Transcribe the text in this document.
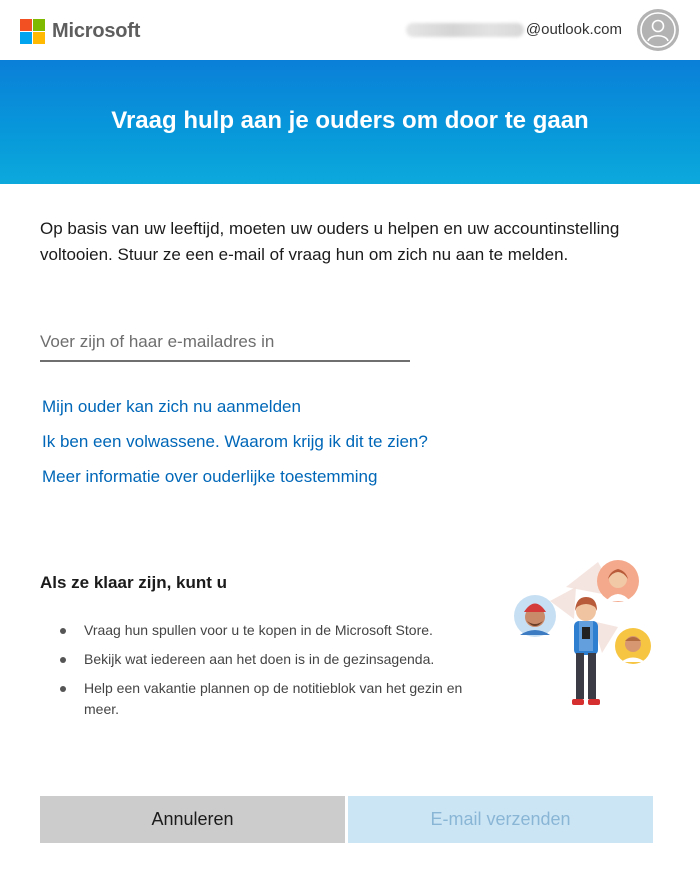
Microsoft	@outlook.com
Vraag hulp aan je ouders om door te gaan

Op basis van uw leeftijd, moeten uw ouders u helpen en uw accountinstelling voltooien. Stuur ze een e-mail of vraag hun om zich nu aan te melden.

Voer zijn of haar e-mailadres in
Mijn ouder kan zich nu aanmelden
Ik ben een volwassene. Waarom krijg ik dit te zien?
Meer informatie over ouderlijke toestemming
Als ze klaar zijn, kunt u
Vraag hun spullen voor u te kopen in de Microsoft Store.
Bekijk wat iedereen aan het doen is in de gezinsagenda.
Help een vakantie plannen op de notitieblok van het gezin en meer.
Annuleren	E-mail verzenden
